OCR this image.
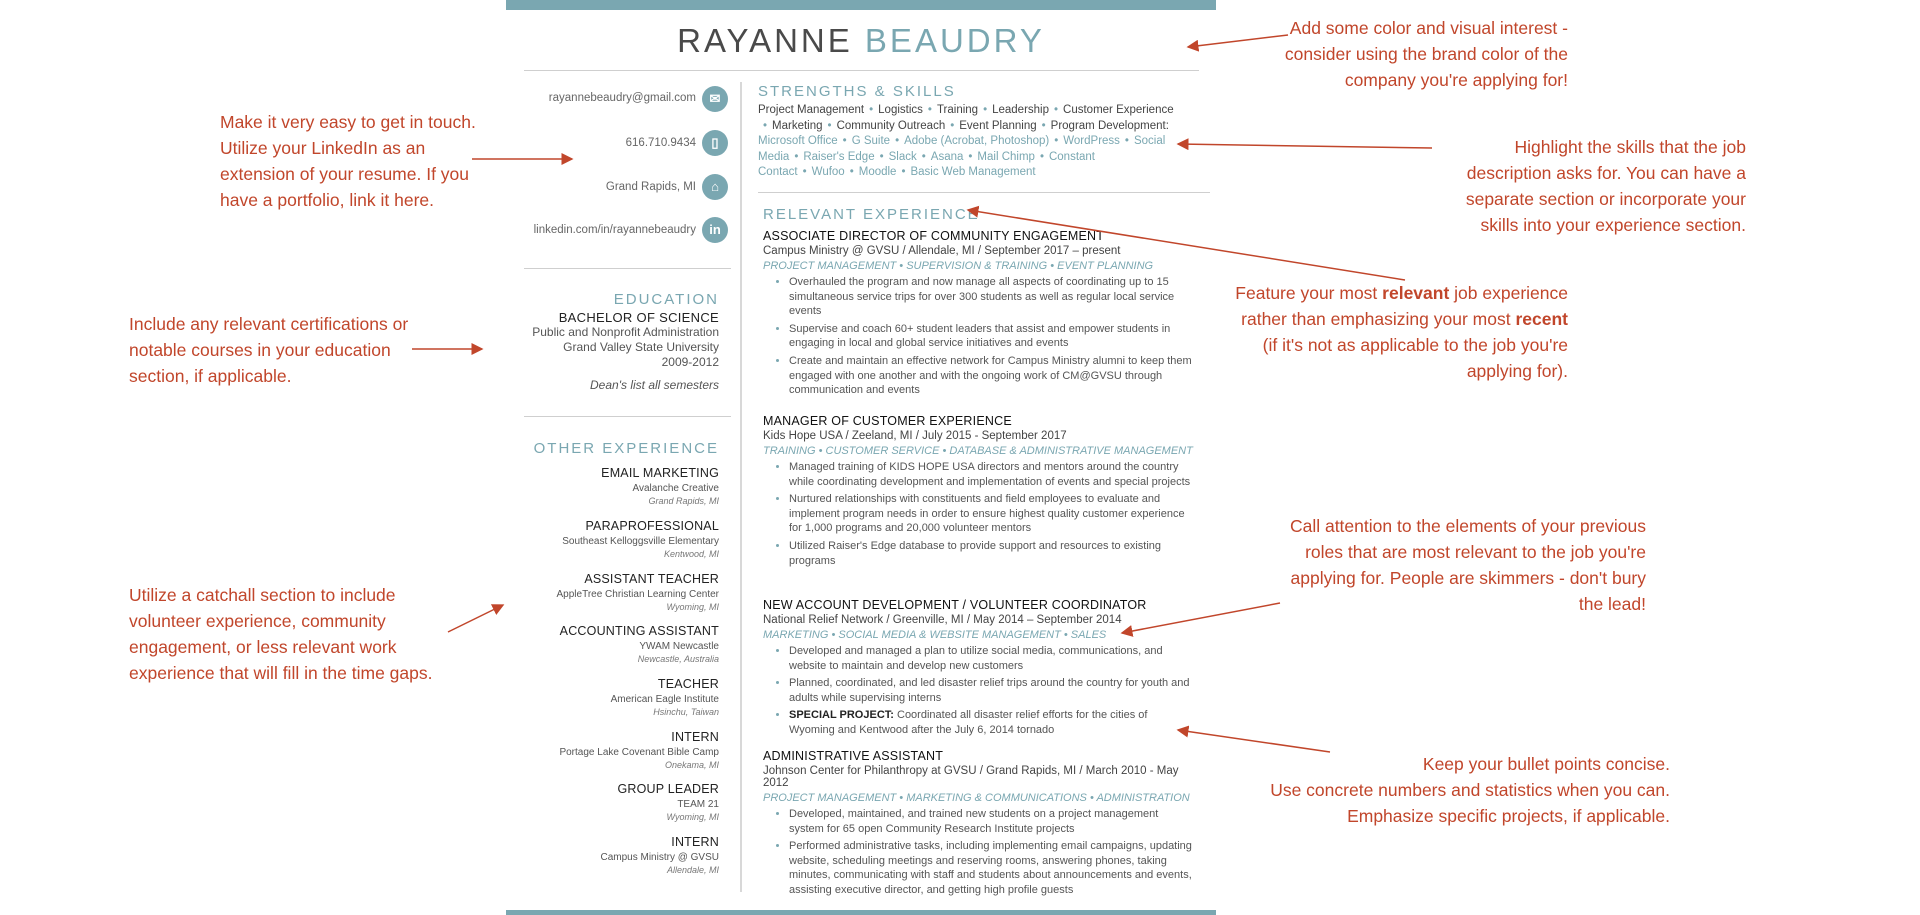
RAYANNE BEAUDRY
rayannebeaudry@gmail.com	✉
616.710.9434	▯
Grand Rapids, MI	⌂
linkedin.com/in/rayannebeaudry	in
EDUCATION
BACHELOR OF SCIENCE
Public and Nonprofit Administration
Grand Valley State University
2009-2012
Dean's list all semesters
OTHER EXPERIENCE
EMAIL MARKETING
Avalanche Creative
Grand Rapids, MI
PARAPROFESSIONAL
Southeast Kelloggsville Elementary
Kentwood, MI
ASSISTANT TEACHER
AppleTree Christian Learning Center
Wyoming, MI
ACCOUNTING ASSISTANT
YWAM Newcastle
Newcastle, Australia
TEACHER
American Eagle Institute
Hsinchu, Taiwan
INTERN
Portage Lake Covenant Bible Camp
Onekama, MI
GROUP LEADER
TEAM 21
Wyoming, MI
INTERN
Campus Ministry @ GVSU
Allendale, MI
STRENGTHS & SKILLS
Project Management • Logistics • Training • Leadership • Customer Experience • Marketing • Community Outreach • Event Planning • Program Development:
Microsoft Office • G Suite • Adobe (Acrobat, Photoshop) • WordPress • Social Media • Raiser's Edge • Slack • Asana • Mail Chimp • Constant Contact • Wufoo • Moodle • Basic Web Management
RELEVANT EXPERIENCE
ASSOCIATE DIRECTOR OF COMMUNITY ENGAGEMENT
Campus Ministry @ GVSU / Allendale, MI / September 2017 – present
PROJECT MANAGEMENT • SUPERVISION & TRAINING • EVENT PLANNING
• Overhauled the program and now manage all aspects of coordinating up to 15 simultaneous service trips for over 300 students as well as regular local service events
• Supervise and coach 60+ student leaders that assist and empower students in engaging in local and global service initiatives and events
• Create and maintain an effective network for Campus Ministry alumni to keep them engaged with one another and with the ongoing work of CM@GVSU through communication and events
MANAGER OF CUSTOMER EXPERIENCE
Kids Hope USA / Zeeland, MI / July 2015 - September 2017
TRAINING • CUSTOMER SERVICE • DATABASE & ADMINISTRATIVE MANAGEMENT
• Managed training of KIDS HOPE USA directors and mentors around the country while coordinating development and implementation of events and special projects
• Nurtured relationships with constituents and field employees to evaluate and implement program needs in order to ensure highest quality customer experience for 1,000 programs and 20,000 volunteer mentors
• Utilized Raiser's Edge database to provide support and resources to existing programs
NEW ACCOUNT DEVELOPMENT / VOLUNTEER COORDINATOR
National Relief Network / Greenville, MI / May 2014 – September 2014
MARKETING • SOCIAL MEDIA & WEBSITE MANAGEMENT • SALES
• Developed and managed a plan to utilize social media, communications, and website to maintain and develop new customers
• Planned, coordinated, and led disaster relief trips around the country for youth and adults while supervising interns
• SPECIAL PROJECT: Coordinated all disaster relief efforts for the cities of Wyoming and Kentwood after the July 6, 2014 tornado
ADMINISTRATIVE ASSISTANT
Johnson Center for Philanthropy at GVSU / Grand Rapids, MI / March 2010 - May 2012
PROJECT MANAGEMENT • MARKETING & COMMUNICATIONS • ADMINISTRATION
• Developed, maintained, and trained new students on a project management system for 65 open Community Research Institute projects
• Performed administrative tasks, including implementing email campaigns, updating website, scheduling meetings and reserving rooms, answering phones, taking minutes, communicating with staff and students about announcements and events, assisting executive director, and getting high profile guests
Add some color and visual interest - consider using the brand color of the company you're applying for!
Make it very easy to get in touch. Utilize your LinkedIn as an extension of your resume. If you have a portfolio, link it here.
Highlight the skills that the job description asks for. You can have a separate section or incorporate your skills into your experience section.
Feature your most relevant job experience rather than emphasizing your most recent (if it's not as applicable to the job you're applying for).
Include any relevant certifications or notable courses in your education section, if applicable.
Call attention to the elements of your previous roles that are most relevant to the job you're applying for. People are skimmers - don't bury the lead!
Utilize a catchall section to include volunteer experience, community engagement, or less relevant work experience that will fill in the time gaps.
Keep your bullet points concise.
Use concrete numbers and statistics when you can.
Emphasize specific projects, if applicable.
